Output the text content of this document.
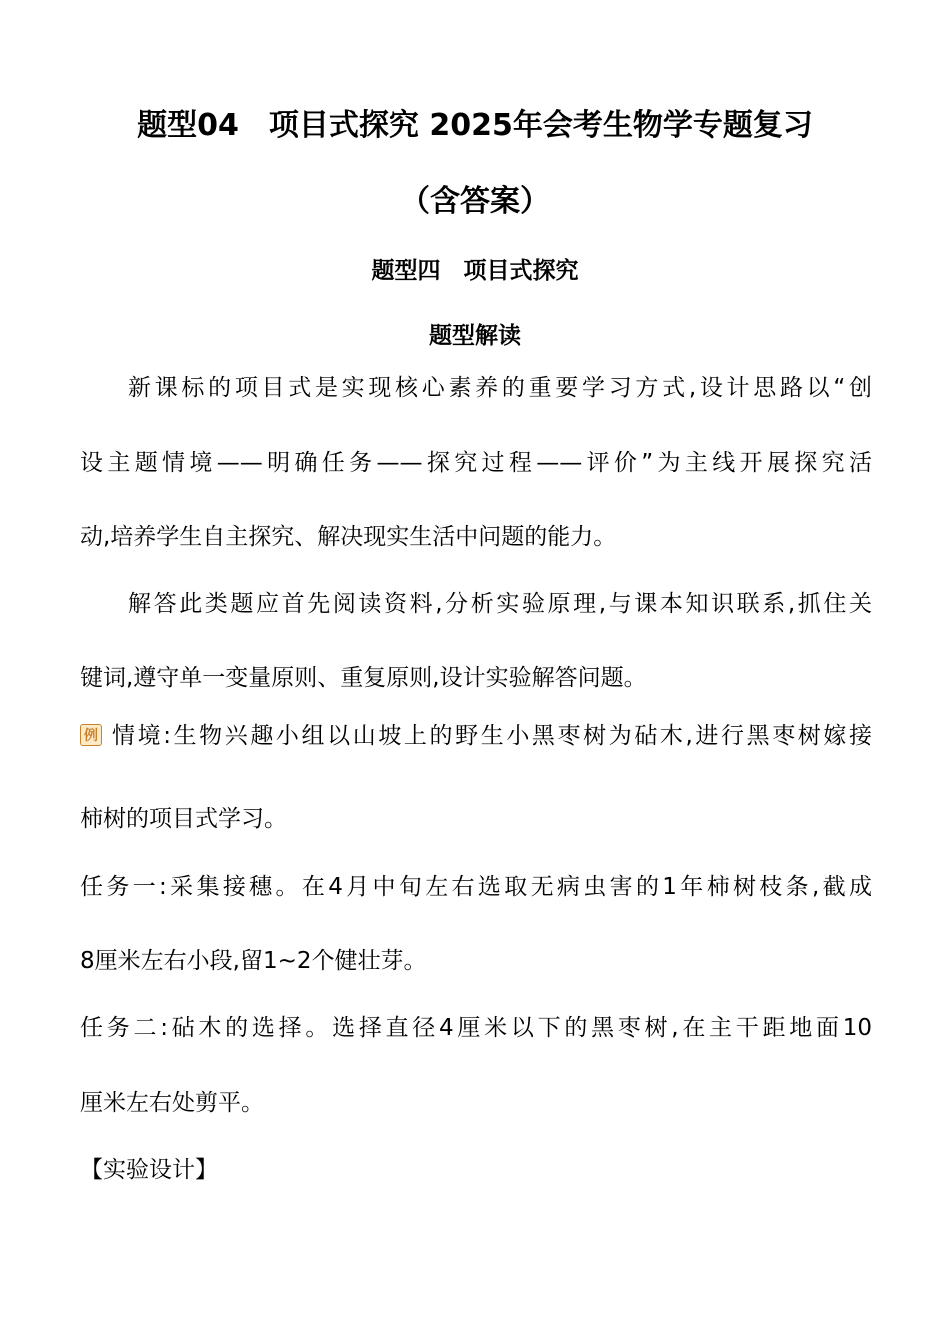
题型04　项目式探究 2025年会考生物学专题复习
（含答案）
题型四　项目式探究
题型解读
新课标的项目式是实现核心素养的重要学习方式,设计思路以“创
设主题情境——明确任务——探究过程——评价”为主线开展探究活
动,培养学生自主探究、解决现实生活中问题的能力。
解答此类题应首先阅读资料,分析实验原理,与课本知识联系,抓住关
键词,遵守单一变量原则、重复原则,设计实验解答问题。
例 情境:生物兴趣小组以山坡上的野生小黑枣树为砧木,进行黑枣树嫁接
柿树的项目式学习。
任务一:采集接穗。在4月中旬左右选取无病虫害的1年柿树枝条,截成
8厘米左右小段,留1~2个健壮芽。
任务二:砧木的选择。选择直径4厘米以下的黑枣树,在主干距地面10
厘米左右处剪平。
【实验设计】
